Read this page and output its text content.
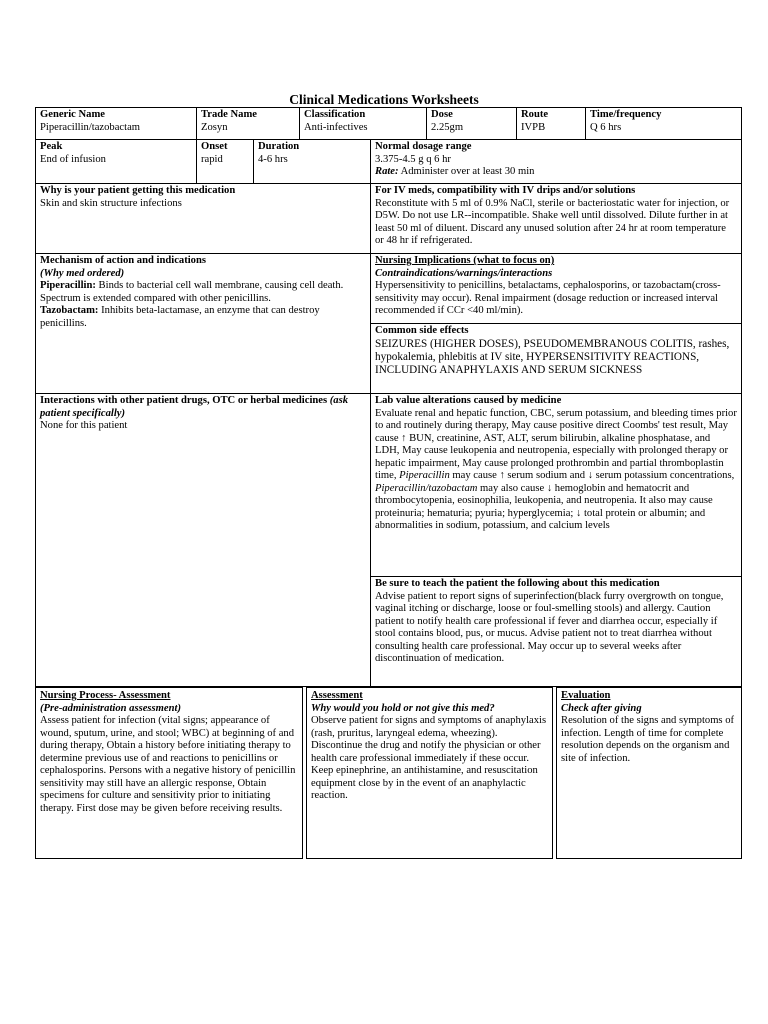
Clinical Medications Worksheets
Generic Name
Piperacillin/tazobactam
Trade Name
Zosyn
Classification
Anti-infectives
Dose
2.25gm
Route
IVPB
Time/frequency
Q 6 hrs
Peak
End of infusion
Onset
rapid
Duration
4-6 hrs
Normal dosage range
3.375-4.5 g q 6 hr
Rate: Administer over at least 30 min
Why is your patient getting this medication
Skin and skin structure infections
For IV meds, compatibility with IV drips and/or solutions
Reconstitute with 5 ml of 0.9% NaCl, sterile or bacteriostatic water for injection, or D5W. Do not use LR--incompatible. Shake well until dissolved. Dilute further in at least 50 ml of diluent. Discard any unused solution after 24 hr at room temperature or 48 hr if refrigerated.
Mechanism of action and indications
(Why med ordered)
Piperacillin: Binds to bacterial cell wall membrane, causing cell death. Spectrum is extended compared with other penicillins.
Tazobactam: Inhibits beta-lactamase, an enzyme that can destroy penicillins.
Nursing Implications (what to focus on)
Contraindications/warnings/interactions
Hypersensitivity to penicillins, betalactams, cephalosporins, or tazobactam(cross-sensitivity may occur). Renal impairment (dosage reduction or increased interval recommended if CCr <40 ml/min).
Common side effects
SEIZURES (HIGHER DOSES), PSEUDOMEMBRANOUS COLITIS, rashes, hypokalemia, phlebitis at IV site, HYPERSENSITIVITY REACTIONS, INCLUDING ANAPHYLAXIS AND SERUM SICKNESS
Interactions with other patient drugs, OTC or herbal medicines (ask patient specifically)
None for this patient
Lab value alterations caused by medicine
Evaluate renal and hepatic function, CBC, serum potassium, and bleeding times prior to and routinely during therapy, May cause positive direct Coombs' test result, May cause ↑ BUN, creatinine, AST, ALT, serum bilirubin, alkaline phosphatase, and LDH, May cause leukopenia and neutropenia, especially with prolonged therapy or hepatic impairment, May cause prolonged prothrombin and partial thromboplastin time, Piperacillin may cause ↑ serum sodium and ↓ serum potassium concentrations, Piperacillin/tazobactam may also cause ↓ hemoglobin and hematocrit and thrombocytopenia, eosinophilia, leukopenia, and neutropenia. It also may cause proteinuria; hematuria; pyuria; hyperglycemia; ↓ total protein or albumin; and abnormalities in sodium, potassium, and calcium levels
Be sure to teach the patient the following about this medication
Advise patient to report signs of superinfection(black furry overgrowth on tongue, vaginal itching or discharge, loose or foul-smelling stools) and allergy. Caution patient to notify health care professional if fever and diarrhea occur, especially if stool contains blood, pus, or mucus. Advise patient not to treat diarrhea without consulting health care professional. May occur up to several weeks after discontinuation of medication.
Nursing Process- Assessment
(Pre-administration assessment)
Assess patient for infection (vital signs; appearance of wound, sputum, urine, and stool; WBC) at beginning of and during therapy, Obtain a history before initiating therapy to determine previous use of and reactions to penicillins or cephalosporins. Persons with a negative history of penicillin sensitivity may still have an allergic response, Obtain specimens for culture and sensitivity prior to initiating therapy. First dose may be given before receiving results.
Assessment
Why would you hold or not give this med?
Observe patient for signs and symptoms of anaphylaxis (rash, pruritus, laryngeal edema, wheezing). Discontinue the drug and notify the physician or other health care professional immediately if these occur. Keep epinephrine, an antihistamine, and resuscitation equipment close by in the event of an anaphylactic reaction.
Evaluation
Check after giving
Resolution of the signs and symptoms of infection. Length of time for complete resolution depends on the organism and site of infection.
